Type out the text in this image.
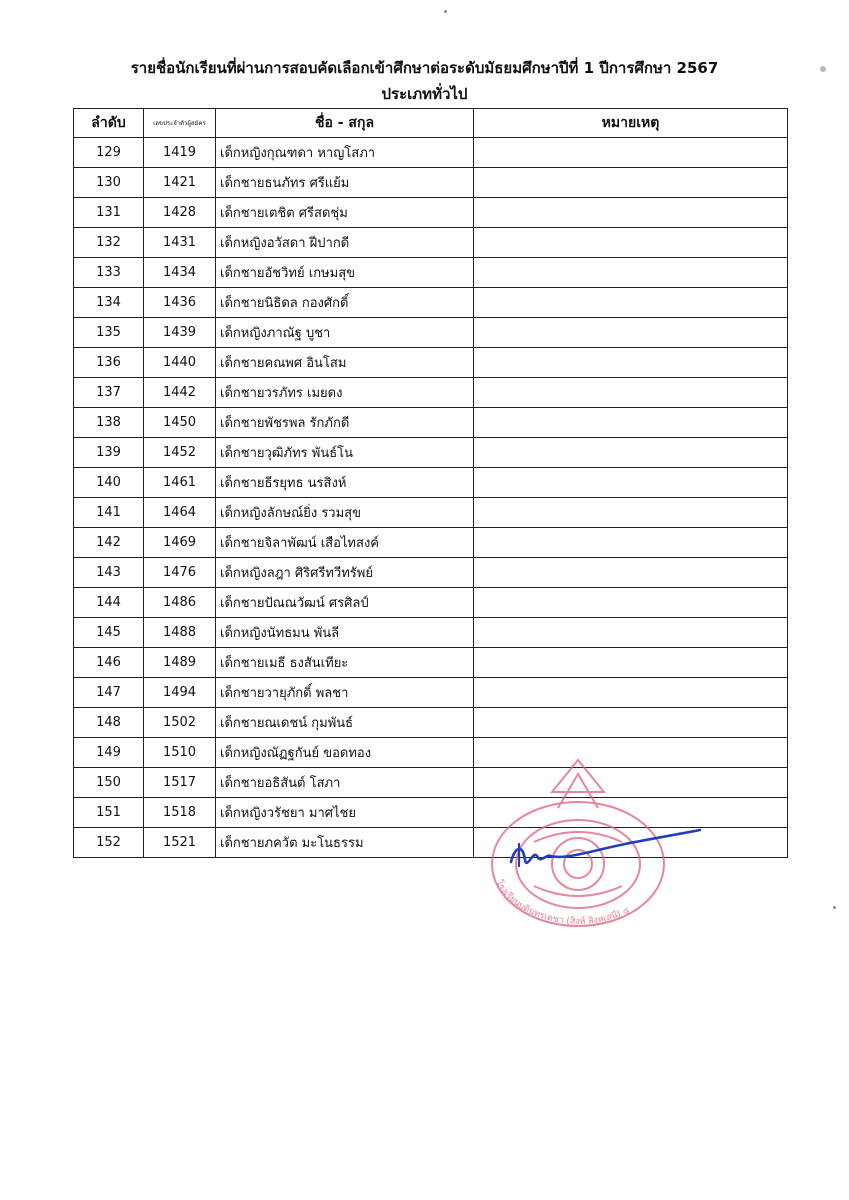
รายชื่อนักเรียนที่ผ่านการสอบคัดเลือกเข้าศึกษาต่อระดับมัธยมศึกษาปีที่ 1 ปีการศึกษา 2567
ประเภททั่วไป
ลำดับ	เลขประจำตัวผู้สมัคร	ชื่อ - สกุล	หมายเหตุ
129	1419	เด็กหญิงกุณฑดา หาญโสภา	
130	1421	เด็กชายธนภัทร ศรีแย้ม	
131	1428	เด็กชายเตชิต ศรีสดชุ่ม	
132	1431	เด็กหญิงอวัสดา ฝีปากดี	
133	1434	เด็กชายอัชวิทย์ เกษมสุข	
134	1436	เด็กชายนิธิดล กองศักดิ์	
135	1439	เด็กหญิงภาณัฐ บูชา	
136	1440	เด็กชายคณพศ อินโสม	
137	1442	เด็กชายวรภัทร เมยดง	
138	1450	เด็กชายพัชรพล รักภักดี	
139	1452	เด็กชายวุฒิภัทร พันธ์โน	
140	1461	เด็กชายธีรยุทธ นรสิงห์	
141	1464	เด็กหญิงลักษณ์ยิ่ง รวมสุข	
142	1469	เด็กชายจิลาพัฒน์ เสือไทสงค์	
143	1476	เด็กหญิงลฎา ศิริศรีทวีทรัพย์	
144	1486	เด็กชายปัณณวัฒน์ ศรศิลป์	
145	1488	เด็กหญิงนัทธมน พันลี	
146	1489	เด็กชายเมธี ธงสันเทียะ	
147	1494	เด็กชายวายุภักดิ์ พลชา	
148	1502	เด็กชายณเดชน์ กุมพันธ์	
149	1510	เด็กหญิงณัฏฐกันย์ ขอดทอง	
150	1517	เด็กชายอธิสันต์ โสภา	
151	1518	เด็กหญิงวรัชยา มาศไชย	
152	1521	เด็กชายภควัต มะโนธรรม	
โรงเรียนบดินทรเดชา (สิงห์ สิงหเสนี) ๔
